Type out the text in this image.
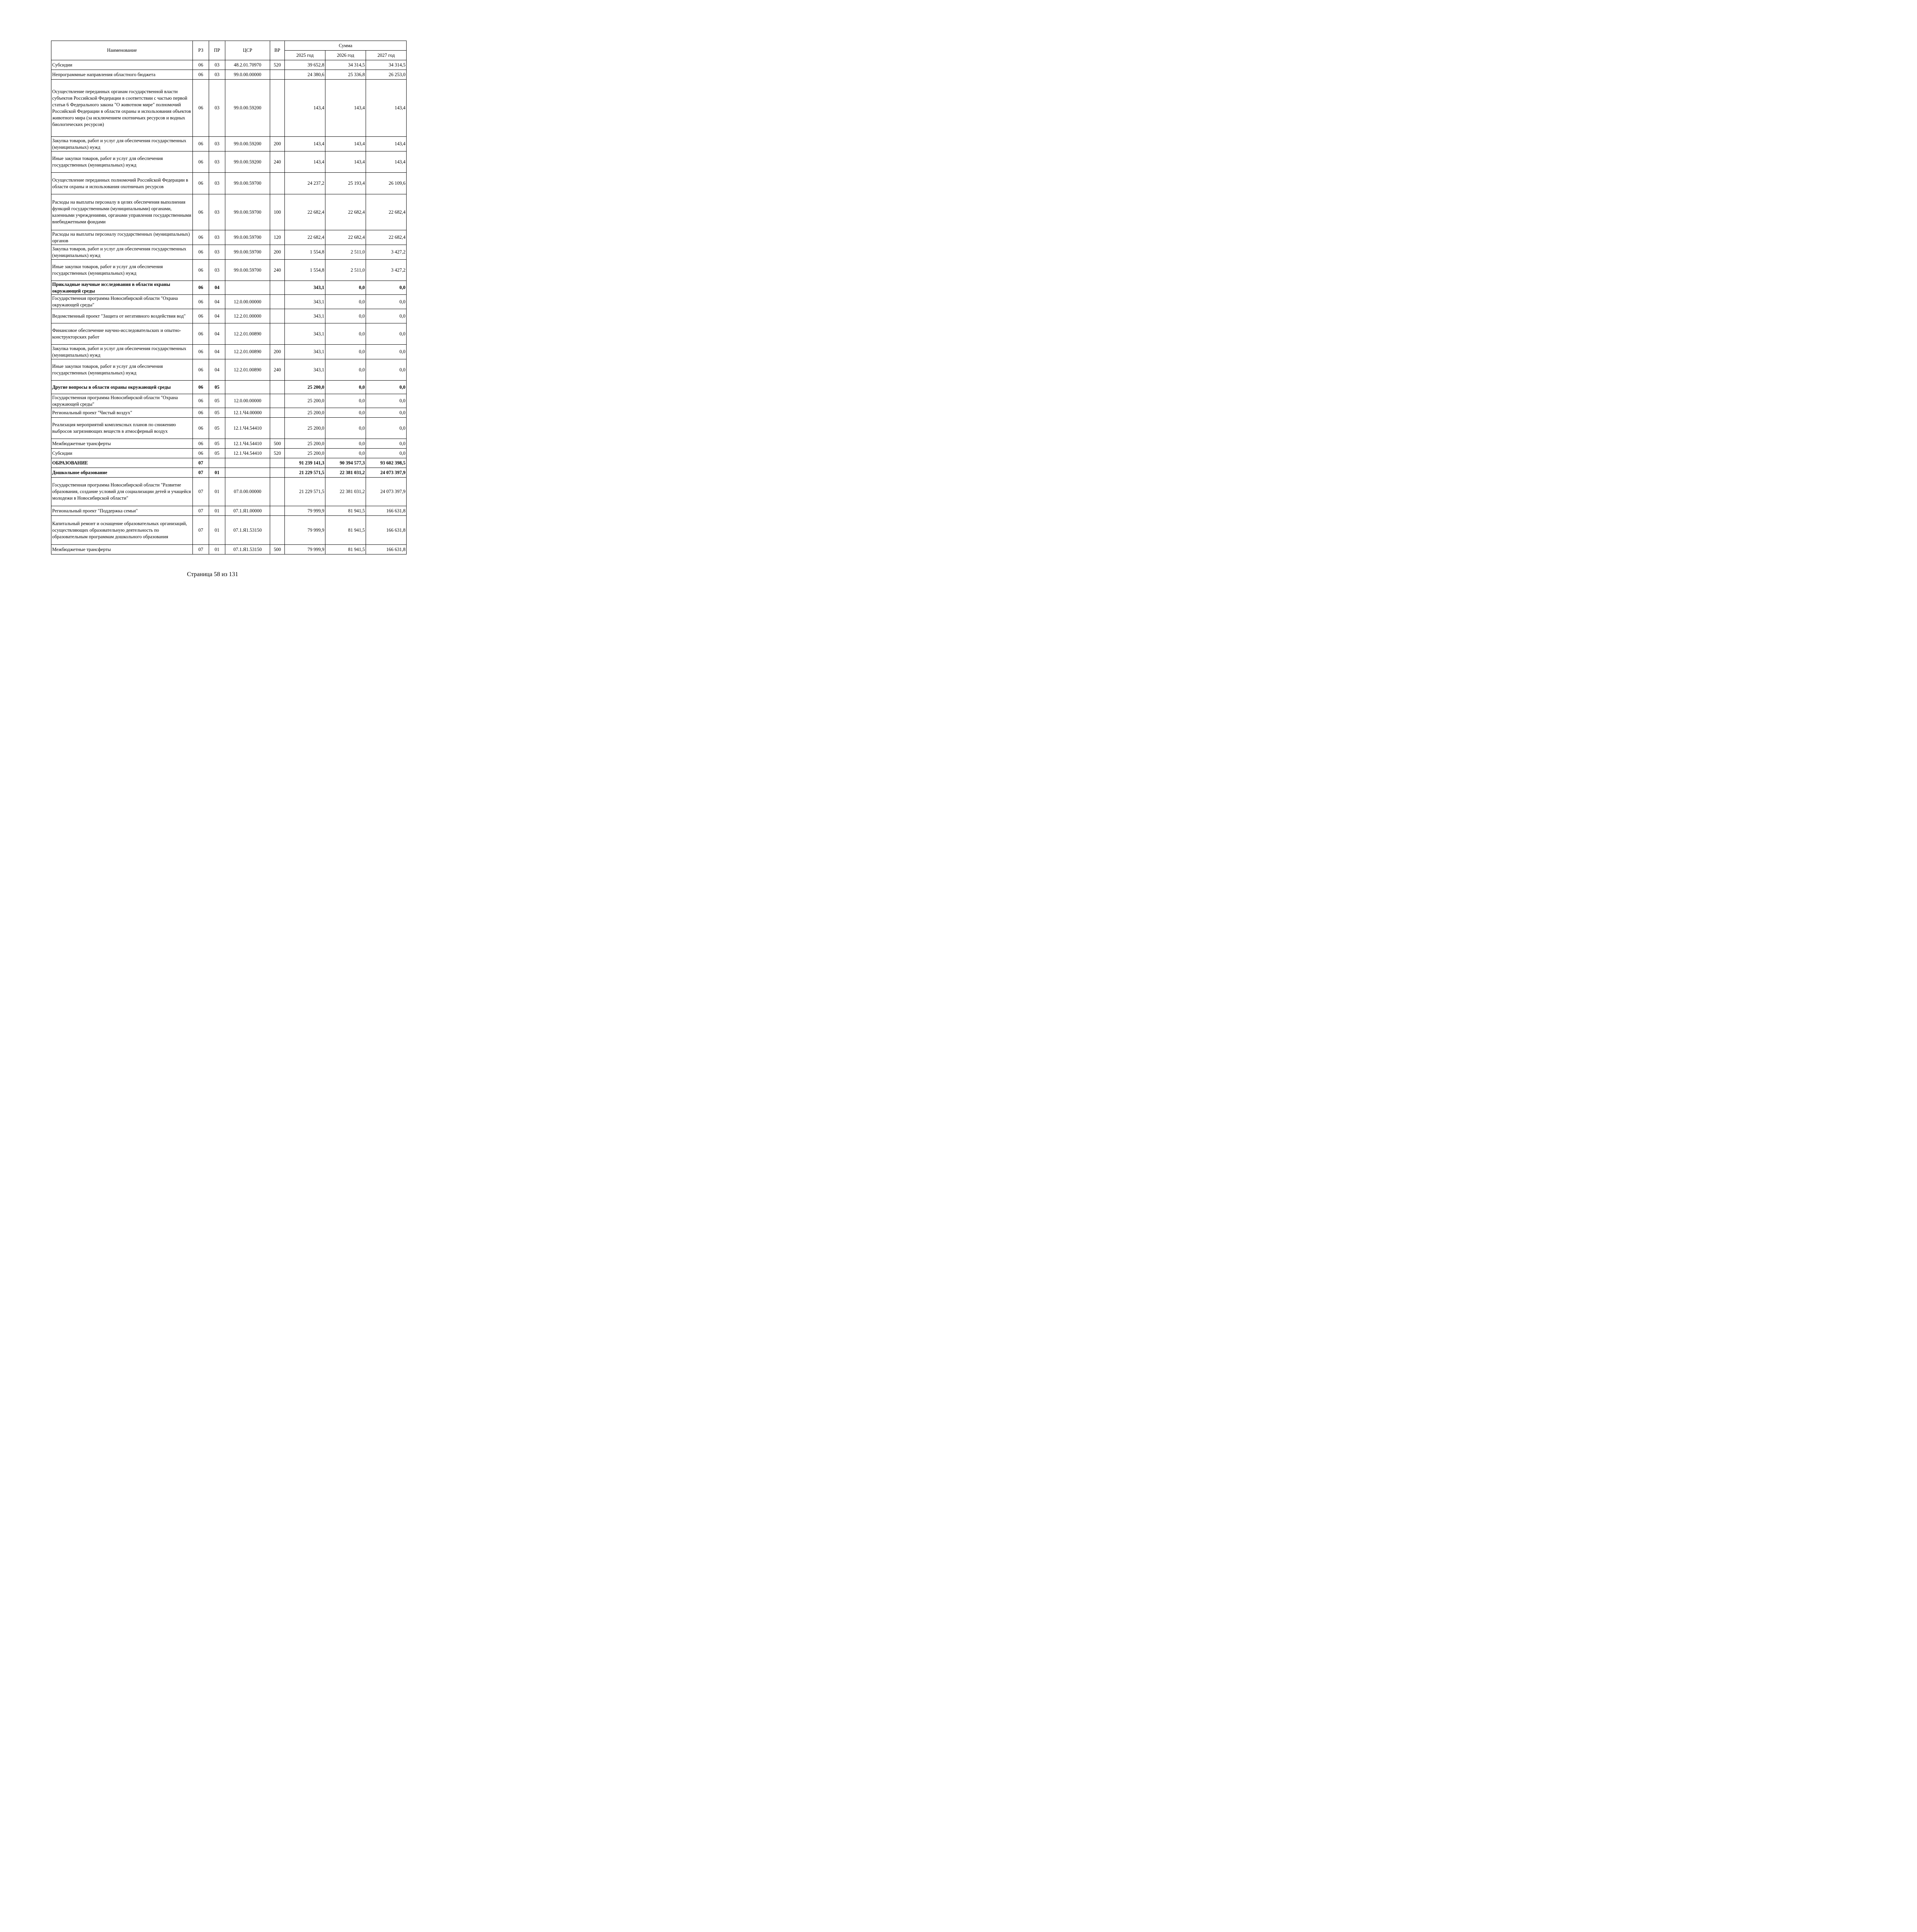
Наименование	РЗ	ПР	ЦСР	ВР	Сумма		
					2025 год	2026 год	2027 год
Субсидии	06	03	48.2.01.70970	520	39 652,8	34 314,5	34 314,5
Непрограммные направления областного бюджета	06	03	99.0.00.00000		24 380,6	25 336,8	26 253,0
Осуществление переданных органам государственной власти субъектов Российской Федерации в соответствии с частью первой статьи 6 Федерального закона "О животном мире" полномочий Российской Федерации в области охраны и использования объектов животного мира (за исключением охотничьих ресурсов и водных биологических ресурсов)	06	03	99.0.00.59200		143,4	143,4	143,4
Закупка товаров, работ и услуг для обеспечения государственных (муниципальных) нужд	06	03	99.0.00.59200	200	143,4	143,4	143,4
Иные закупки товаров, работ и услуг для обеспечения государственных (муниципальных) нужд	06	03	99.0.00.59200	240	143,4	143,4	143,4
Осуществление переданных полномочий Российской Федерации в области охраны и использования охотничьих ресурсов	06	03	99.0.00.59700		24 237,2	25 193,4	26 109,6
Расходы на выплаты персоналу в целях обеспечения выполнения функций государственными (муниципальными) органами, казенными учреждениями, органами управления государственными внебюджетными фондами	06	03	99.0.00.59700	100	22 682,4	22 682,4	22 682,4
Расходы на выплаты персоналу государственных (муниципальных) органов	06	03	99.0.00.59700	120	22 682,4	22 682,4	22 682,4
Закупка товаров, работ и услуг для обеспечения государственных (муниципальных) нужд	06	03	99.0.00.59700	200	1 554,8	2 511,0	3 427,2
Иные закупки товаров, работ и услуг для обеспечения государственных (муниципальных) нужд	06	03	99.0.00.59700	240	1 554,8	2 511,0	3 427,2
Прикладные научные исследования в области охраны окружающей среды	06	04			343,1	0,0	0,0
Государственная программа Новосибирской области "Охрана окружающей среды"	06	04	12.0.00.00000		343,1	0,0	0,0
Ведомственный проект "Защита от негативного воздействия вод"	06	04	12.2.01.00000		343,1	0,0	0,0
Финансовое обеспечение научно-исследовательских и опытно-конструкторских работ	06	04	12.2.01.00890		343,1	0,0	0,0
Закупка товаров, работ и услуг для обеспечения государственных (муниципальных) нужд	06	04	12.2.01.00890	200	343,1	0,0	0,0
Иные закупки товаров, работ и услуг для обеспечения государственных (муниципальных) нужд	06	04	12.2.01.00890	240	343,1	0,0	0,0
Другие вопросы в области охраны окружающей среды	06	05			25 200,0	0,0	0,0
Государственная программа Новосибирской области "Охрана окружающей среды"	06	05	12.0.00.00000		25 200,0	0,0	0,0
Региональный проект "Чистый воздух"	06	05	12.1.Ч4.00000		25 200,0	0,0	0,0
Реализация мероприятий комплексных планов по снижению выбросов загрязняющих веществ в атмосферный воздух	06	05	12.1.Ч4.54410		25 200,0	0,0	0,0
Межбюджетные трансферты	06	05	12.1.Ч4.54410	500	25 200,0	0,0	0,0
Субсидии	06	05	12.1.Ч4.54410	520	25 200,0	0,0	0,0
ОБРАЗОВАНИЕ	07				91 239 141,3	90 394 577,3	93 602 398,5
Дошкольное образование	07	01			21 229 571,5	22 381 031,2	24 073 397,9
Государственная программа Новосибирской области "Развитие образования, создание условий для социализации детей и учащейся молодежи в Новосибирской области"	07	01	07.0.00.00000		21 229 571,5	22 381 031,2	24 073 397,9
Региональный проект "Поддержка семьи"	07	01	07.1.Я1.00000		79 999,9	81 941,5	166 631,8
Капитальный ремонт и оснащение образовательных организаций, осуществляющих образовательную деятельность по образовательным программам дошкольного образования	07	01	07.1.Я1.53150		79 999,9	81 941,5	166 631,8
Межбюджетные трансферты	07	01	07.1.Я1.53150	500	79 999,9	81 941,5	166 631,8
Страница 58 из 131
